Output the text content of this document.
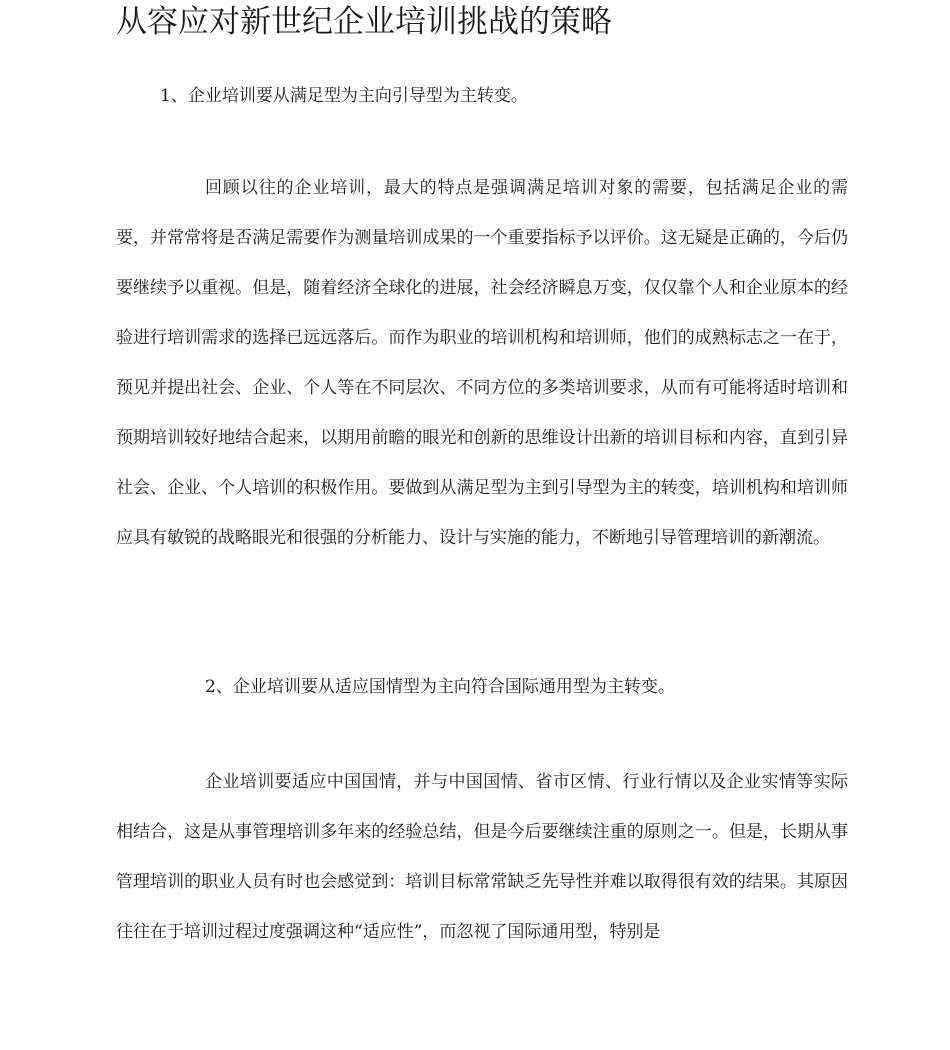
从容应对新世纪企业培训挑战的策略

1、企业培训要从满足型为主向引导型为主转变。

回顾以往的企业培训，最大的特点是强调满足培训对象的需要，包括满足企业的需要，并常常将是否满足需要作为测量培训成果的一个重要指标予以评价。这无疑是正确的，今后仍要继续予以重视。但是，随着经济全球化的进展，社会经济瞬息万变，仅仅靠个人和企业原本的经验进行培训需求的选择已远远落后。而作为职业的培训机构和培训师，他们的成熟标志之一在于，预见并提出社会、企业、个人等在不同层次、不同方位的多类培训要求，从而有可能将适时培训和预期培训较好地结合起来，以期用前瞻的眼光和创新的思维设计出新的培训目标和内容，直到引异社会、企业、个人培训的积极作用。要做到从满足型为主到引导型为主的转变，培训机构和培训师应具有敏锐的战略眼光和很强的分析能力、设计与实施的能力，不断地引导管理培训的新潮流。

2、企业培训要从适应国情型为主向符合国际通用型为主转变。

企业培训要适应中国国情，并与中国国情、省市区情、行业行情以及企业实情等实际相结合，这是从事管理培训多年来的经验总结，但是今后要继续注重的原则之一。但是，长期从事管理培训的职业人员有时也会感觉到：培训目标常常缺乏先导性并难以取得很有效的结果。其原因往往在于培训过程过度强调这种“适应性”，而忽视了国际通用型，特别是
